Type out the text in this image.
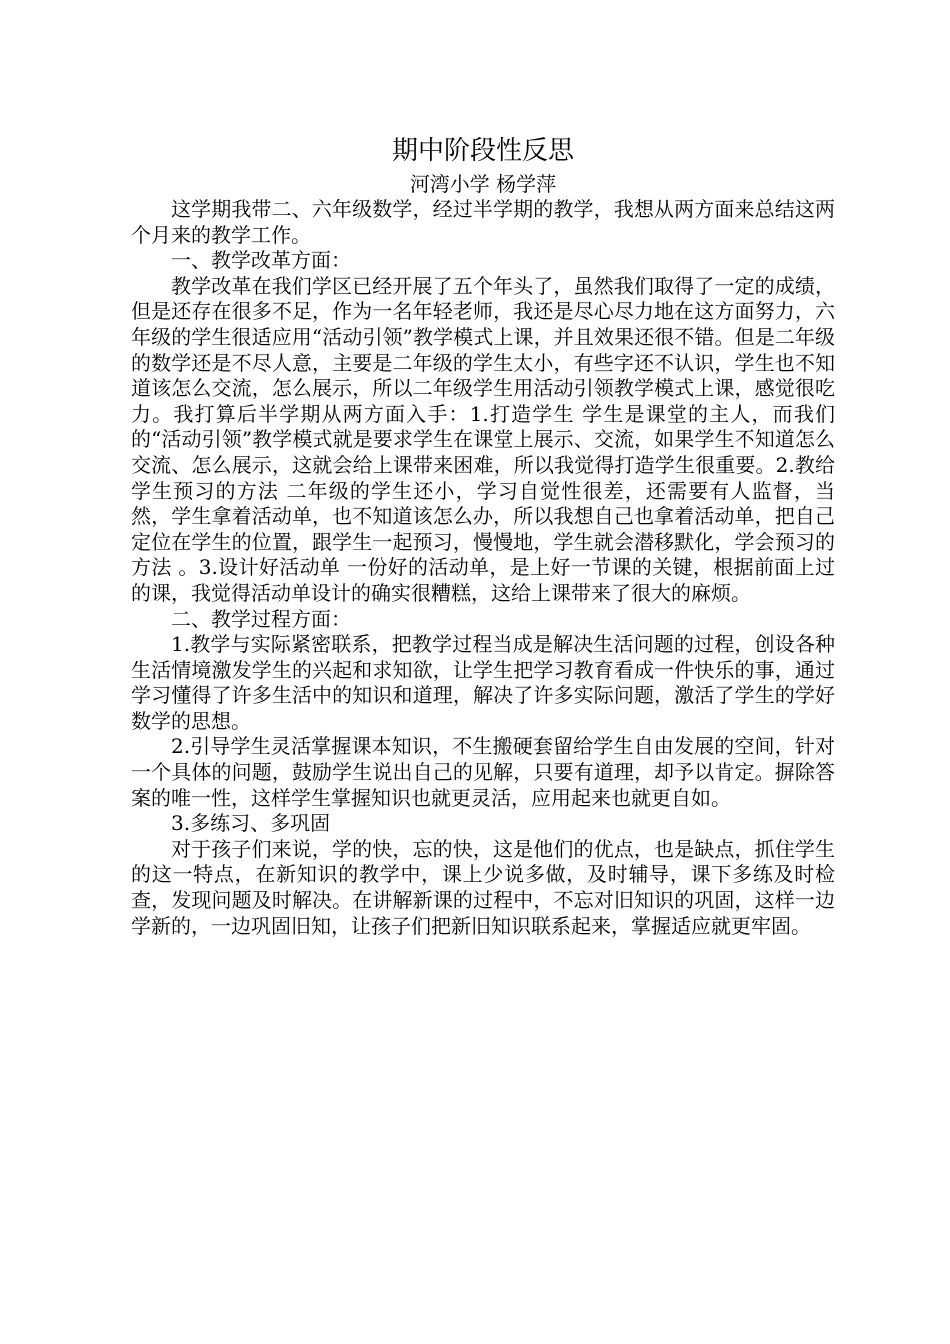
期中阶段性反思

河湾小学 杨学萍

这学期我带二、六年级数学，经过半学期的教学，我想从两方面来总结这两个月来的教学工作。

一、教学改革方面：

教学改革在我们学区已经开展了五个年头了，虽然我们取得了一定的成绩，但是还存在很多不足，作为一名年轻老师，我还是尽心尽力地在这方面努力，六年级的学生很适应用“活动引领”教学模式上课，并且效果还很不错。但是二年级的数学还是不尽人意，主要是二年级的学生太小，有些字还不认识，学生也不知道该怎么交流，怎么展示，所以二年级学生用活动引领教学模式上课，感觉很吃力。我打算后半学期从两方面入手：1.打造学生 学生是课堂的主人，而我们的“活动引领”教学模式就是要求学生在课堂上展示、交流，如果学生不知道怎么交流、怎么展示，这就会给上课带来困难，所以我觉得打造学生很重要。2.教给学生预习的方法 二年级的学生还小，学习自觉性很差，还需要有人监督，当然，学生拿着活动单，也不知道该怎么办，所以我想自己也拿着活动单，把自己定位在学生的位置，跟学生一起预习，慢慢地，学生就会潜移默化，学会预习的方法 。3.设计好活动单 一份好的活动单，是上好一节课的关键，根据前面上过的课，我觉得活动单设计的确实很糟糕，这给上课带来了很大的麻烦。

二、教学过程方面：

1.教学与实际紧密联系，把教学过程当成是解决生活问题的过程，创设各种生活情境激发学生的兴起和求知欲，让学生把学习教育看成一件快乐的事，通过学习懂得了许多生活中的知识和道理，解决了许多实际问题，激活了学生的学好数学的思想。

2.引导学生灵活掌握课本知识，不生搬硬套留给学生自由发展的空间，针对一个具体的问题，鼓励学生说出自己的见解，只要有道理，却予以肯定。摒除答案的唯一性，这样学生掌握知识也就更灵活，应用起来也就更自如。

3.多练习、多巩固

对于孩子们来说，学的快，忘的快，这是他们的优点，也是缺点，抓住学生的这一特点，在新知识的教学中，课上少说多做，及时辅导，课下多练及时检查，发现问题及时解决。在讲解新课的过程中，不忘对旧知识的巩固，这样一边学新的，一边巩固旧知，让孩子们把新旧知识联系起来，掌握适应就更牢固。
